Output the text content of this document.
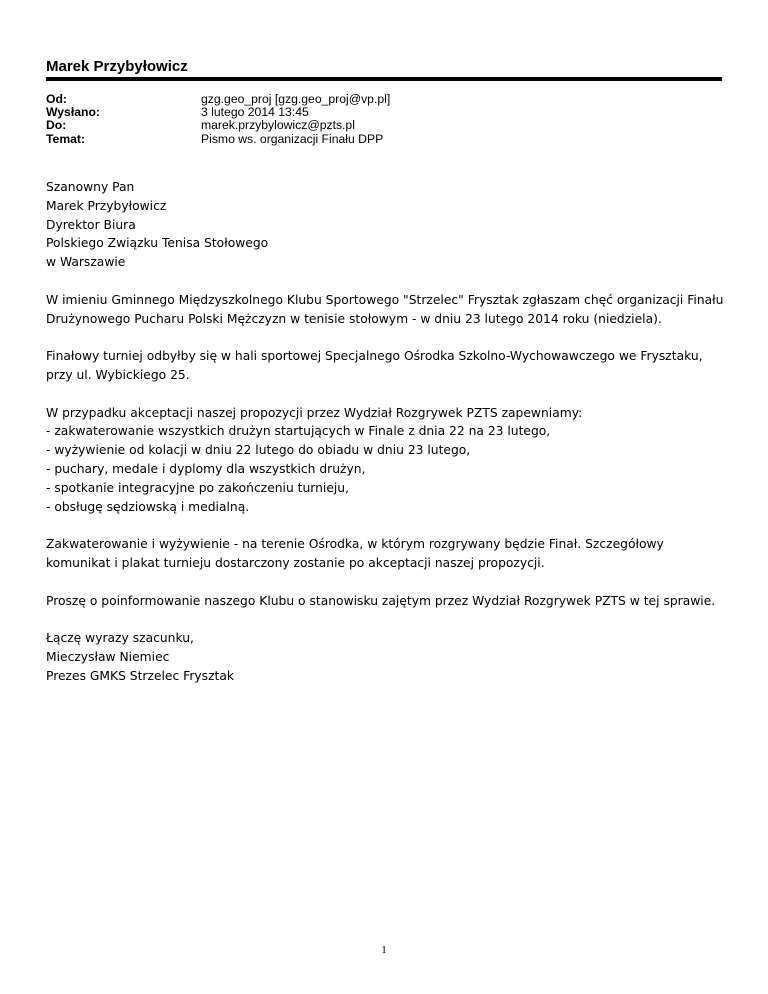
Marek Przybyłowicz
Od:	gzg.geo_proj [gzg.geo_proj@vp.pl]
Wysłano:	3 lutego 2014 13:45
Do:	marek.przybylowicz@pzts.pl
Temat:	Pismo ws. organizacji Finału DPP

Szanowny Pan
Marek Przybyłowicz
Dyrektor Biura
Polskiego Związku Tenisa Stołowego
w Warszawie

W imieniu Gminnego Międzyszkolnego Klubu Sportowego "Strzelec" Frysztak zgłaszam chęć organizacji Finału
Drużynowego Pucharu Polski Mężczyzn w tenisie stołowym - w dniu 23 lutego 2014 roku (niedziela).

Finałowy turniej odbyłby się w hali sportowej Specjalnego Ośrodka Szkolno-Wychowawczego we Frysztaku,
przy ul. Wybickiego 25.

W przypadku akceptacji naszej propozycji przez Wydział Rozgrywek PZTS zapewniamy:
- zakwaterowanie wszystkich drużyn startujących w Finale z dnia 22 na 23 lutego,
- wyżywienie od kolacji w dniu 22 lutego do obiadu w dniu 23 lutego,
- puchary, medale i dyplomy dla wszystkich drużyn,
- spotkanie integracyjne po zakończeniu turnieju,
- obsługę sędziowską i medialną.

Zakwaterowanie i wyżywienie - na terenie Ośrodka, w którym rozgrywany będzie Finał. Szczegółowy
komunikat i plakat turnieju dostarczony zostanie po akceptacji naszej propozycji.

Proszę o poinformowanie naszego Klubu o stanowisku zajętym przez Wydział Rozgrywek PZTS w tej sprawie.

Łączę wyrazy szacunku,
Mieczysław Niemiec
Prezes GMKS Strzelec Frysztak

1
